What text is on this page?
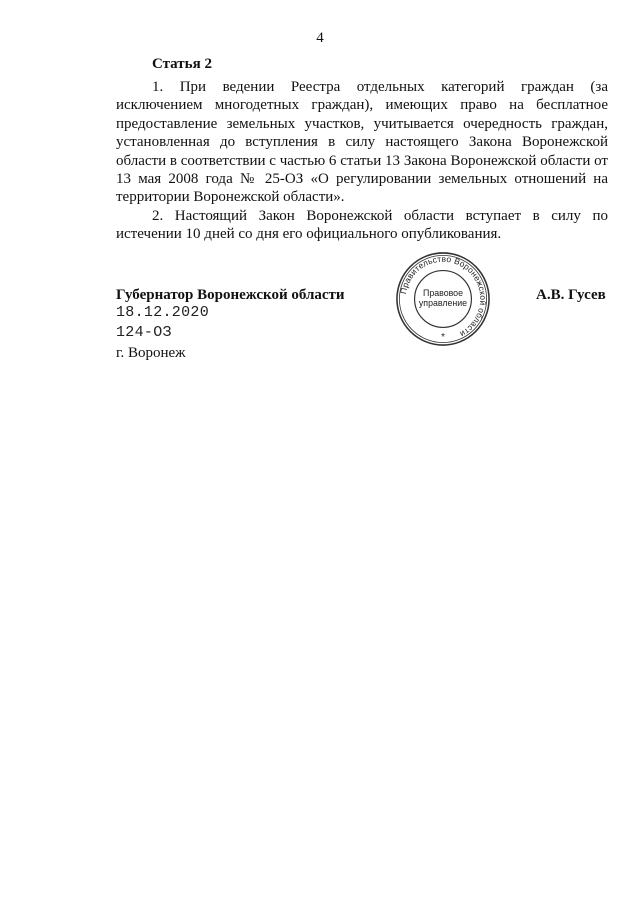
4
Статья 2

1. При ведении Реестра отдельных категорий граждан (за исключением многодетных граждан), имеющих право на бесплатное предоставление земельных участков, учитывается очередность граждан, установленная до вступления в силу настоящего Закона Воронежской области в соответствии с частью 6 статьи 13 Закона Воронежской области от 13 мая 2008 года № 25-ОЗ «О регулировании земельных отношений на территории Воронежской области».

2. Настоящий Закон Воронежской области вступает в силу по истечении 10 дней со дня его официального опубликования.

Губернатор Воронежской области	А.В. Гусев
18.12.2020
124-ОЗ
г. Воронеж
Правительство Воронежской области
Правовое
управление
*
